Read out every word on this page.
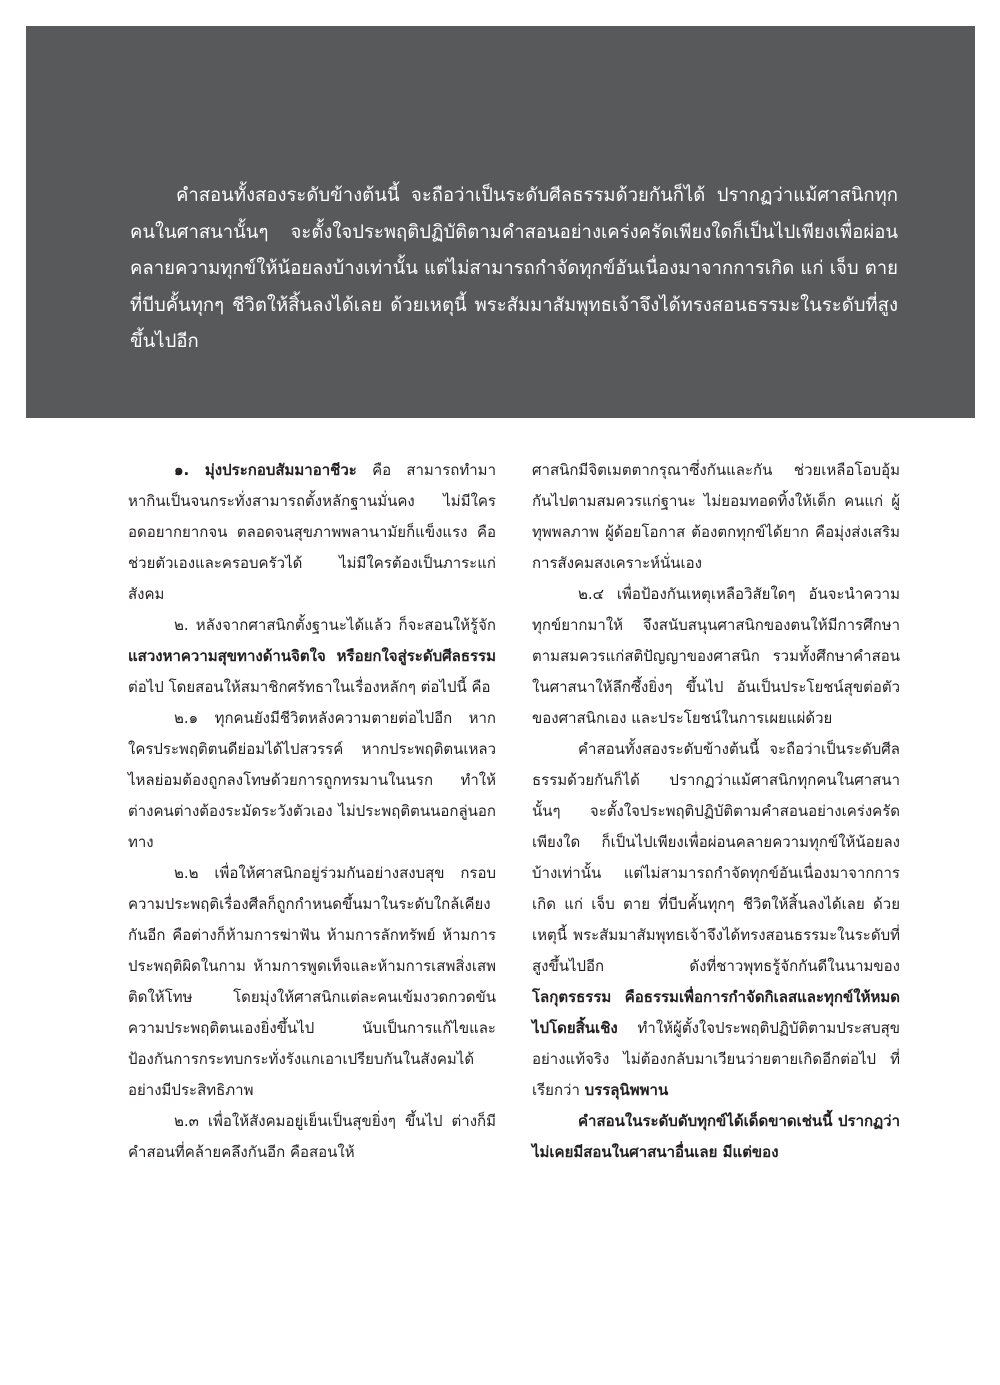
คำสอนทั้งสองระดับข้างต้นนี้ จะถือว่าเป็นระดับศีลธรรมด้วยกันก็ได้ ปรากฏว่าแม้ศาสนิกทุกคนในศาสนานั้นๆ จะตั้งใจประพฤติปฏิบัติตามคำสอนอย่างเคร่งครัดเพียงใดก็เป็นไปเพียงเพื่อผ่อนคลายความทุกข์ให้น้อยลงบ้างเท่านั้น แต่ไม่สามารถกำจัดทุกข์อันเนื่องมาจากการเกิด แก่ เจ็บ ตาย ที่บีบคั้นทุกๆ ชีวิตให้สิ้นลงได้เลย ด้วยเหตุนี้ พระสัมมาสัมพุทธเจ้าจึงได้ทรงสอนธรรมะในระดับที่สูงขึ้นไปอีก

๑. มุ่งประกอบสัมมาอาชีวะ คือ สามารถทำมาหากินเป็นจนกระทั่งสามารถตั้งหลักฐานมั่นคง ไม่มีใครอดอยากยากจน ตลอดจนสุขภาพพลานามัยก็แข็งแรง คือช่วยตัวเองและครอบครัวได้ ไม่มีใครต้องเป็นภาระแก่สังคม

๒. หลังจากศาสนิกตั้งฐานะได้แล้ว ก็จะสอนให้รู้จักแสวงหาความสุขทางด้านจิตใจ หรือยกใจสู่ระดับศีลธรรมต่อไป โดยสอนให้สมาชิกศรัทธาในเรื่องหลักๆ ต่อไปนี้ คือ

๒.๑ ทุกคนยังมีชีวิตหลังความตายต่อไปอีก หากใครประพฤติตนดีย่อมได้ไปสวรรค์ หากประพฤติตนเหลวไหลย่อมต้องถูกลงโทษด้วยการถูกทรมานในนรก ทำให้ต่างคนต่างต้องระมัดระวังตัวเอง ไม่ประพฤติตนนอกลู่นอกทาง

๒.๒ เพื่อให้ศาสนิกอยู่ร่วมกันอย่างสงบสุข กรอบความประพฤติเรื่องศีลก็ถูกกำหนดขึ้นมาในระดับใกล้เคียงกันอีก คือต่างก็ห้ามการฆ่าฟัน ห้ามการลักทรัพย์ ห้ามการประพฤติผิดในกาม ห้ามการพูดเท็จและห้ามการเสพสิ่งเสพติดให้โทษ โดยมุ่งให้ศาสนิกแต่ละคนเข้มงวดกวดขันความประพฤติตนเองยิ่งขึ้นไป นับเป็นการแก้ไขและป้องกันการกระทบกระทั่งรังแกเอาเปรียบกันในสังคมได้อย่างมีประสิทธิภาพ

๒.๓ เพื่อให้สังคมอยู่เย็นเป็นสุขยิ่งๆ ขึ้นไป ต่างก็มีคำสอนที่คล้ายคลึงกันอีก คือสอนให้

ศาสนิกมีจิตเมตตากรุณาซึ่งกันและกัน ช่วยเหลือโอบอุ้มกันไปตามสมควรแก่ฐานะ ไม่ยอมทอดทิ้งให้เด็ก คนแก่ ผู้ทุพพลภาพ ผู้ด้อยโอกาส ต้องตกทุกข์ได้ยาก คือมุ่งส่งเสริมการสังคมสงเคราะห์นั่นเอง

๒.๔ เพื่อป้องกันเหตุเหลือวิสัยใดๆ อันจะนำความทุกข์ยากมาให้ จึงสนับสนุนศาสนิกของตนให้มีการศึกษาตามสมควรแก่สติปัญญาของศาสนิก รวมทั้งศึกษาคำสอนในศาสนาให้ลึกซึ้งยิ่งๆ ขึ้นไป อันเป็นประโยชน์สุขต่อตัวของศาสนิกเอง และประโยชน์ในการเผยแผ่ด้วย

คำสอนทั้งสองระดับข้างต้นนี้ จะถือว่าเป็นระดับศีลธรรมด้วยกันก็ได้ ปรากฏว่าแม้ศาสนิกทุกคนในศาสนานั้นๆ จะตั้งใจประพฤติปฏิบัติตามคำสอนอย่างเคร่งครัดเพียงใด ก็เป็นไปเพียงเพื่อผ่อนคลายความทุกข์ให้น้อยลงบ้างเท่านั้น แต่ไม่สามารถกำจัดทุกข์อันเนื่องมาจากการเกิด แก่ เจ็บ ตาย ที่บีบคั้นทุกๆ ชีวิตให้สิ้นลงได้เลย ด้วยเหตุนี้ พระสัมมาสัมพุทธเจ้าจึงได้ทรงสอนธรรมะในระดับที่สูงขึ้นไปอีก ดังที่ชาวพุทธรู้จักกันดีในนามของ โลกุตรธรรม คือธรรมเพื่อการกำจัดกิเลสและทุกข์ให้หมดไปโดยสิ้นเชิง ทำให้ผู้ตั้งใจประพฤติปฏิบัติตามประสบสุขอย่างแท้จริง ไม่ต้องกลับมาเวียนว่ายตายเกิดอีกต่อไป ที่เรียกว่า บรรลุนิพพาน

คำสอนในระดับดับทุกข์ได้เด็ดขาดเช่นนี้ ปรากฏว่าไม่เคยมีสอนในศาสนาอื่นเลย มีแต่ของ
